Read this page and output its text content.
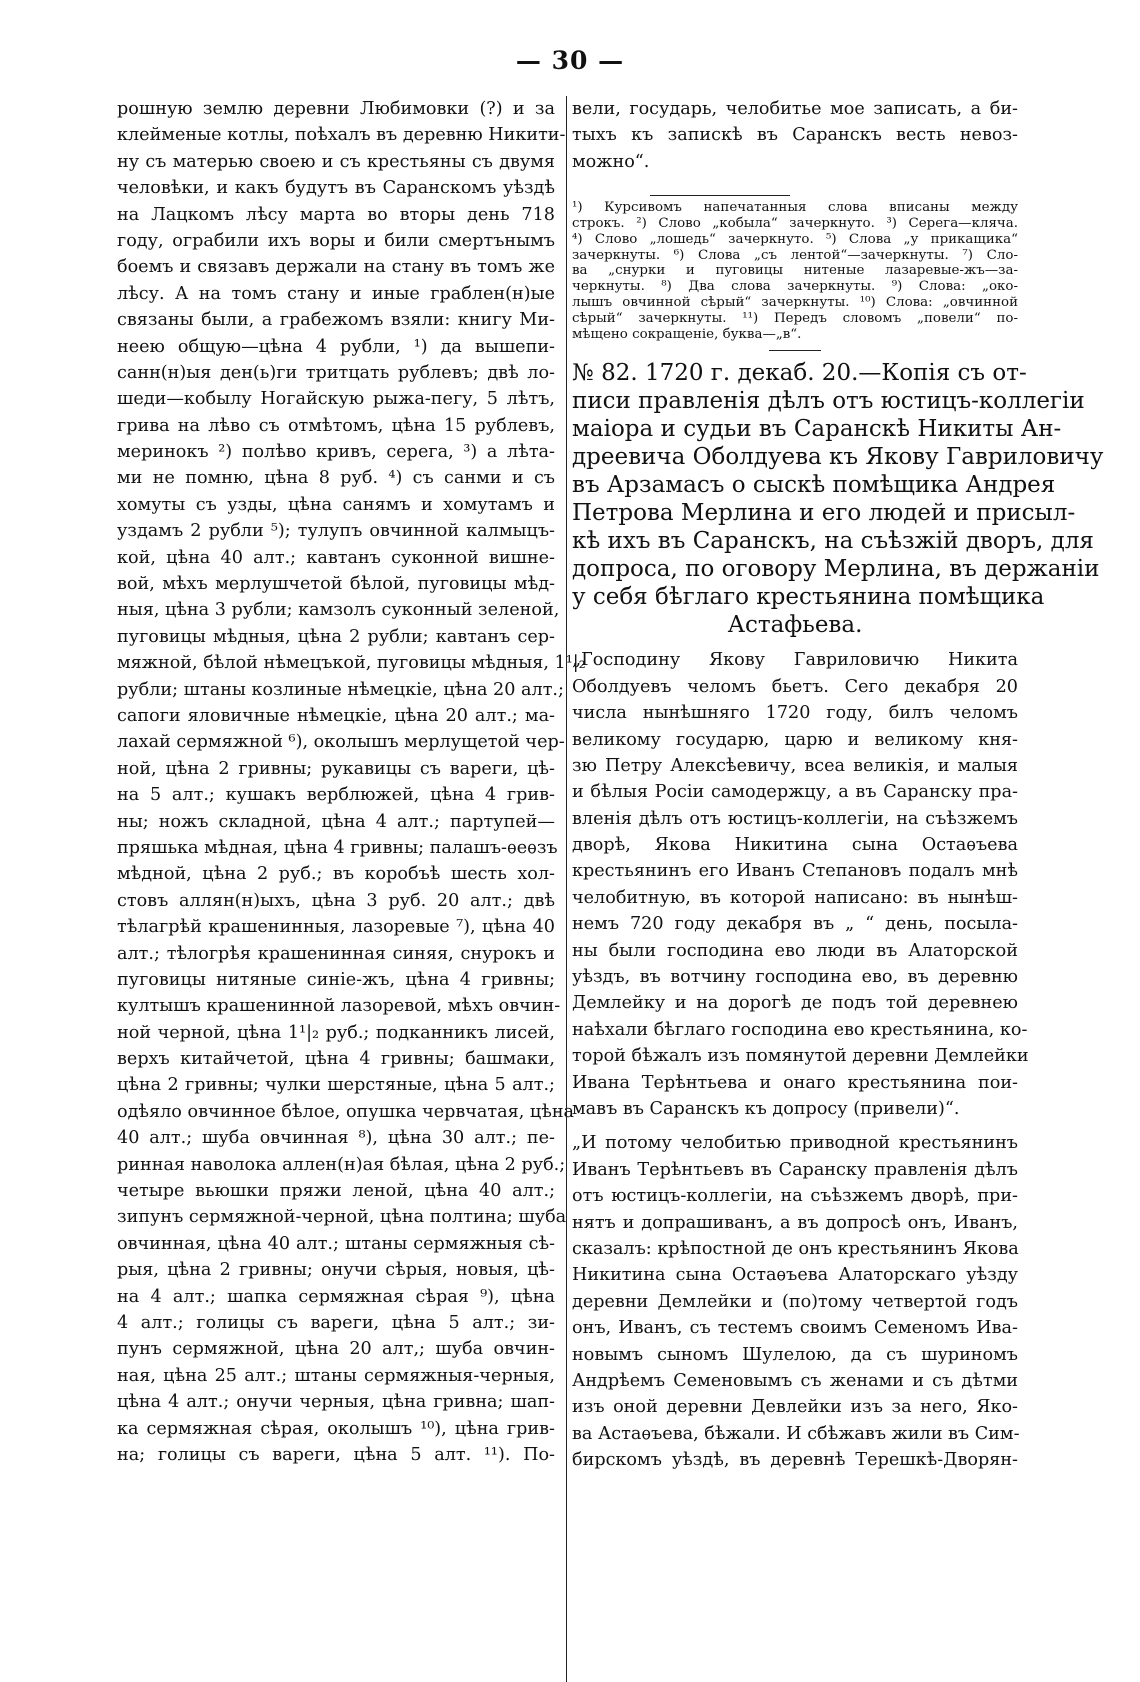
— 30 —
рошную землю деревни Любимовки (?) и за
клейменые котлы, поѣхалъ въ деревню Никити-
ну съ матерью своею и съ крестьяны съ двумя
человѣки, и какъ будутъ въ Саранскомъ уѣздѣ
на Лацкомъ лѣсу марта во вторы день 718
году, ограбили ихъ воры и били смертънымъ
боемъ и связавъ держали на стану въ томъ же
лѣсу. А на томъ стану и иные граблен(н)ые
связаны были, а грабежомъ взяли: книгу Ми-
неею общую—цѣна 4 рубли, ¹) да вышепи-
санн(н)ыя ден(ь)ги тритцать рублевъ; двѣ ло-
шеди—кобылу Ногайскую рыжа-пегу, 5 лѣтъ,
грива на лѣво съ отмѣтомъ, цѣна 15 рублевъ,
меринокъ ²) полѣво кривъ, серега, ³) а лѣта-
ми не помню, цѣна 8 руб. ⁴) съ санми и съ
хомуты съ узды, цѣна санямъ и хомутамъ и
уздамъ 2 рубли ⁵); тулупъ овчинной калмыцъ-
кой, цѣна 40 алт.; кавтанъ суконной вишне-
вой, мѣхъ мерлушчетой бѣлой, пуговицы мѣд-
ныя, цѣна 3 рубли; камзолъ суконный зеленой,
пуговицы мѣдныя, цѣна 2 рубли; кавтанъ сер-
мяжной, бѣлой нѣмецъкой, пуговицы мѣдныя, 1¹|₂
рубли; штаны козлиные нѣмецкiе, цѣна 20 алт.;
сапоги яловичные нѣмецкiе, цѣна 20 алт.; ма-
лахай сермяжной ⁶), околышъ мерлущетой чер-
ной, цѣна 2 гривны; рукавицы съ вареги, цѣ-
на 5 алт.; кушакъ верблюжей, цѣна 4 грив-
ны; ножъ складной, цѣна 4 алт.; партупей—
пряшька мѣдная, цѣна 4 гривны; палашъ-ѳеѳзъ
мѣдной, цѣна 2 руб.; въ коробъѣ шесть хол-
стовъ аллян(н)ыхъ, цѣна 3 руб. 20 алт.; двѣ
тѣлагрѣй крашенинныя, лазоревые ⁷), цѣна 40
алт.; тѣлогрѣя крашенинная синяя, снурокъ и
пуговицы нитяные синiе-жъ, цѣна 4 гривны;
култышъ крашенинной лазоревой, мѣхъ овчин-
ной черной, цѣна 1¹|₂ руб.; подканникъ лисей,
верхъ китайчетой, цѣна 4 гривны; башмаки,
цѣна 2 гривны; чулки шерстяные, цѣна 5 алт.;
одѣяло овчинное бѣлое, опушка червчатая, цѣна
40 алт.; шуба овчинная ⁸), цѣна 30 алт.; пе-
ринная наволока аллен(н)ая бѣлая, цѣна 2 руб.;
четыре вьюшки пряжи леной, цѣна 40 алт.;
зипунъ сермяжной-черной, цѣна полтина; шуба
овчинная, цѣна 40 алт.; штаны сермяжныя сѣ-
рыя, цѣна 2 гривны; онучи сѣрыя, новыя, цѣ-
на 4 алт.; шапка сермяжная сѣрая ⁹), цѣна
4 алт.; голицы съ вареги, цѣна 5 алт.; зи-
пунъ сермяжной, цѣна 20 алт,; шуба овчин-
ная, цѣна 25 алт.; штаны сермяжныя-черныя,
цѣна 4 алт.; онучи черныя, цѣна гривна; шап-
ка сермяжная сѣрая, околышъ ¹⁰), цѣна грив-
на; голицы съ вареги, цѣна 5 алт. ¹¹). По-
вели, государь, челобитье мое записать, а би-
тыхъ къ запискѣ въ Саранскъ весть невоз-
можно“.
¹) Курсивомъ напечатанныя слова вписаны между
строкъ. ²) Слово „кобыла“ зачеркнуто. ³) Серега—кляча.
⁴) Слово „лошедь“ зачеркнуто. ⁵) Слова „у прикащика“
зачеркнуты. ⁶) Слова „съ лентой“—зачеркнуты. ⁷) Сло-
ва „снурки и пуговицы нитеные лазаревые-жъ—за-
черкнуты. ⁸) Два слова зачеркнуты. ⁹) Слова: „око-
лышъ овчинной сѣрый“ зачеркнуты. ¹⁰) Слова: „овчинной
сѣрый“ зачеркнуты. ¹¹) Передъ словомъ „повели“ по-
мѣщено сокращенiе, буква—„в“.
№ 82. 1720 г. декаб. 20.—Копiя съ от-
писи правленiя дѣлъ отъ юстицъ-коллегiи
маiора и судьи въ Саранскѣ Никиты Ан-
дреевича Оболдуева къ Якову Гавриловичу
въ Арзамасъ о сыскѣ помѣщика Андрея
Петрова Мерлина и его людей и присыл-
кѣ ихъ въ Саранскъ, на съѣзжiй дворъ, для
допроса, по оговору Мерлина, въ держанiи
у себя бѣглаго крестьянина помѣщика
Астафьева.
„Господину Якову Гавриловичю Никита
Оболдуевъ челомъ бьетъ. Сего декабря 20
числа нынѣшняго 1720 году, билъ челомъ
великому государю, царю и великому кня-
зю Петру Алексѣевичу, всеа великiя, и малыя
и бѣлыя Росiи самодержцу, а въ Саранску пра-
вленiя дѣлъ отъ юстицъ-коллегiи, на съѣзжемъ
дворѣ, Якова Никитина сына Остаѳъева
крестьянинъ его Иванъ Степановъ подалъ мнѣ
челобитную, въ которой написано: въ нынѣш-
немъ 720 году декабря въ „ “ день, посыла-
ны были господина ево люди въ Алаторской
уѣздъ, въ вотчину господина ево, въ деревню
Демлейку и на дорогѣ де подъ той деревнею
наѣхали бѣглаго господина ево крестьянина, ко-
торой бѣжалъ изъ помянутой деревни Демлейки
Ивана Терѣнтьева и онаго крестьянина пои-
мавъ въ Саранскъ къ допросу (привели)“.
„И потому челобитью приводной крестьянинъ
Иванъ Терѣнтьевъ въ Саранску правленiя дѣлъ
отъ юстицъ-коллегiи, на съѣзжемъ дворѣ, при-
нятъ и допрашиванъ, а въ допросѣ онъ, Иванъ,
сказалъ: крѣпостной де онъ крестьянинъ Якова
Никитина сына Остаѳъева Алаторскаго уѣзду
деревни Демлейки и (по)тому четвертой годъ
онъ, Иванъ, съ тестемъ своимъ Семеномъ Ива-
новымъ сыномъ Шулелою, да съ шуриномъ
Андрѣемъ Семеновымъ съ женами и съ дѣтми
изъ оной деревни Девлейки изъ за него, Яко-
ва Астаѳъева, бѣжали. И сбѣжавъ жили въ Сим-
бирскомъ уѣздѣ, въ деревнѣ Терешкѣ-Дворян-
